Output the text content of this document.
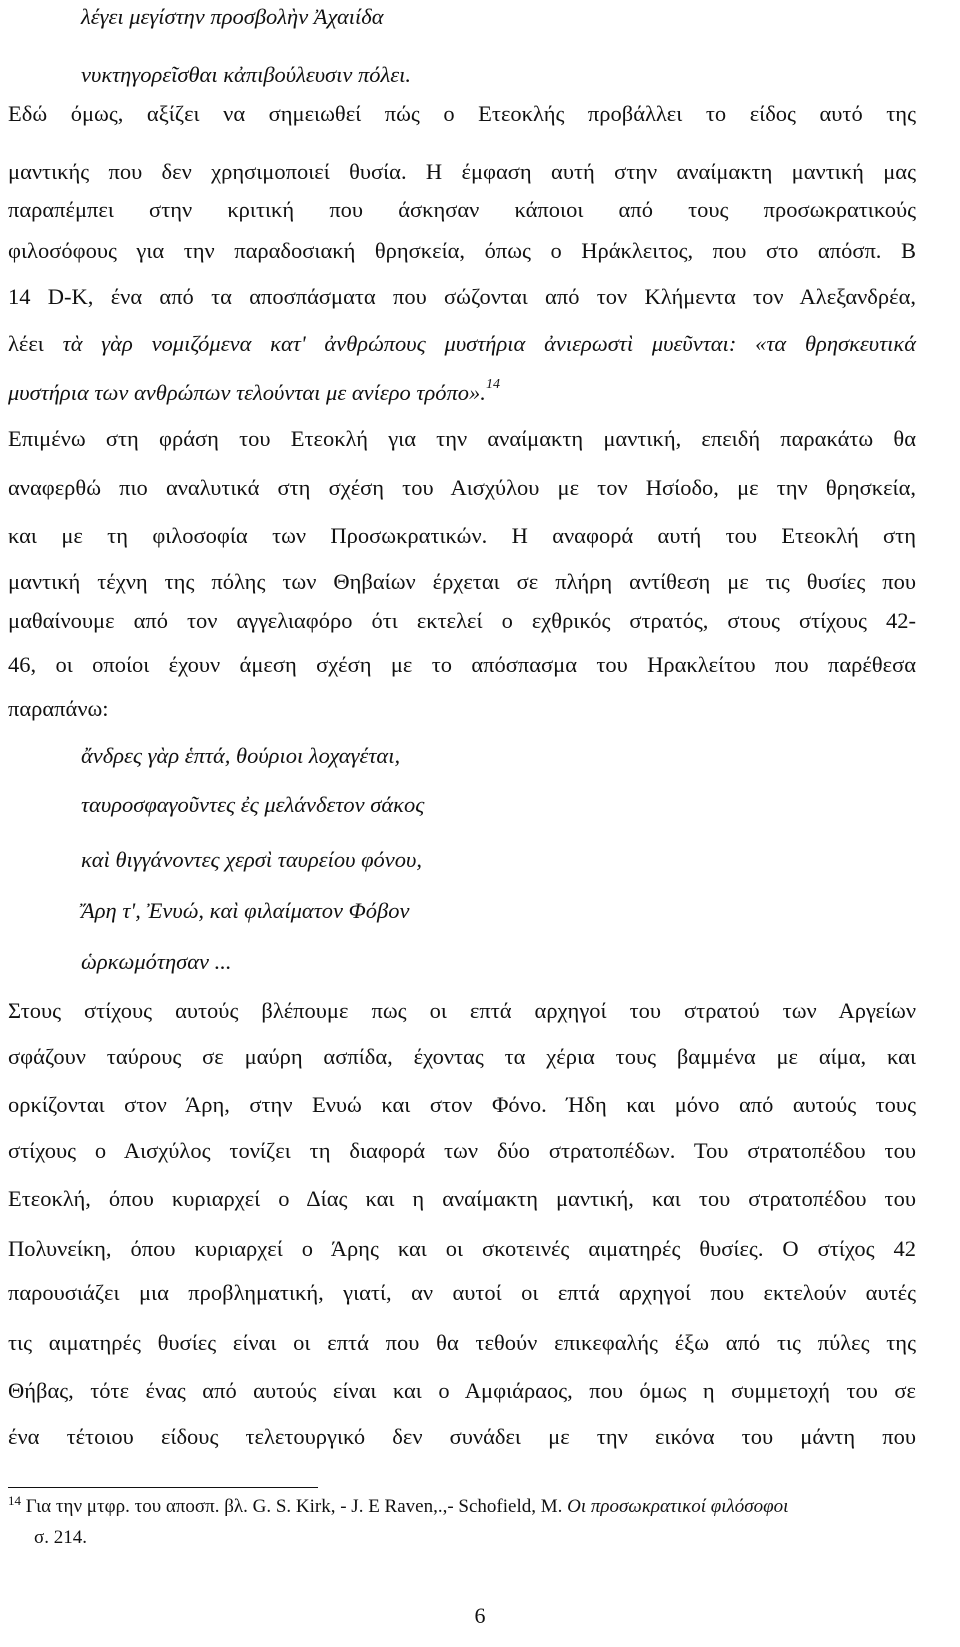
λέγει μεγίστην προσβολὴν Ἀχαιίδα
νυκτηγορεῖσθαι κἀπιβούλευσιν πόλει.
Εδώ όμως, αξίζει να σημειωθεί πώς ο Ετεοκλής προβάλλει το είδος αυτό της
μαντικής που δεν χρησιμοποιεί θυσία. Η έμφαση αυτή στην αναίμακτη μαντική μας
παραπέμπει στην κριτική που άσκησαν κάποιοι από τους προσωκρατικούς
φιλοσόφους για την παραδοσιακή θρησκεία, όπως ο Ηράκλειτος, που στο απόσπ. Β
14 D-K, ένα από τα αποσπάσματα που σώζονται από τον Κλήμεντα τον Αλεξανδρέα,
λέει τὰ γὰρ νομιζόμενα κατ' ἀνθρώπους μυστήρια ἀνιερωστὶ μυεῦνται: «τα θρησκευτικά
μυστήρια των ανθρώπων τελούνται με ανίερο τρόπο».$^{14}$
Επιμένω στη φράση του Ετεοκλή για την αναίμακτη μαντική, επειδή παρακάτω θα
αναφερθώ πιο αναλυτικά στη σχέση του Αισχύλου με τον Ησίοδο, με την θρησκεία,
και με τη φιλοσοφία των Προσωκρατικών. Η αναφορά αυτή του Ετεοκλή στη
μαντική τέχνη της πόλης των Θηβαίων έρχεται σε πλήρη αντίθεση με τις θυσίες που
μαθαίνουμε από τον αγγελιαφόρο ότι εκτελεί ο εχθρικός στρατός, στους στίχους 42-
46, οι οποίοι έχουν άμεση σχέση με το απόσπασμα του Ηρακλείτου που παρέθεσα
παραπάνω:
ἄνδρες γὰρ ἑπτά, θούριοι λοχαγέται,
ταυροσφαγοῦντες ἐς μελάνδετον σάκος
καὶ θιγγάνοντες χερσὶ ταυρείου φόνου,
Ἄρη τ', Ἐνυώ, καὶ φιλαίματον Φόβον
ὡρκωμότησαν ...
Στους στίχους αυτούς βλέπουμε πως οι επτά αρχηγοί του στρατού των Αργείων
σφάζουν ταύρους σε μαύρη ασπίδα, έχοντας τα χέρια τους βαμμένα με αίμα, και
ορκίζονται στον Άρη, στην Ενυώ και στον Φόνο. Ήδη και μόνο από αυτούς τους
στίχους ο Αισχύλος τονίζει τη διαφορά των δύο στρατοπέδων. Του στρατοπέδου του
Ετεοκλή, όπου κυριαρχεί ο Δίας και η αναίμακτη μαντική, και του στρατοπέδου του
Πολυνείκη, όπου κυριαρχεί ο Άρης και οι σκοτεινές αιματηρές θυσίες. Ο στίχος 42
παρουσιάζει μια προβληματική, γιατί, αν αυτοί οι επτά αρχηγοί που εκτελούν αυτές
τις αιματηρές θυσίες είναι οι επτά που θα τεθούν επικεφαλής έξω από τις πύλες της
Θήβας, τότε ένας από αυτούς είναι και ο Αμφιάραος, που όμως η συμμετοχή του σε
ένα τέτοιου είδους τελετουργικό δεν συνάδει με την εικόνα του μάντη που
$^{14}$ Για την μτφρ. του αποσπ. βλ. G. S. Kirk, - J. E Raven,.,- Schofield, M. Οι προσωκρατικοί φιλόσοφοι
σ. 214.
6
